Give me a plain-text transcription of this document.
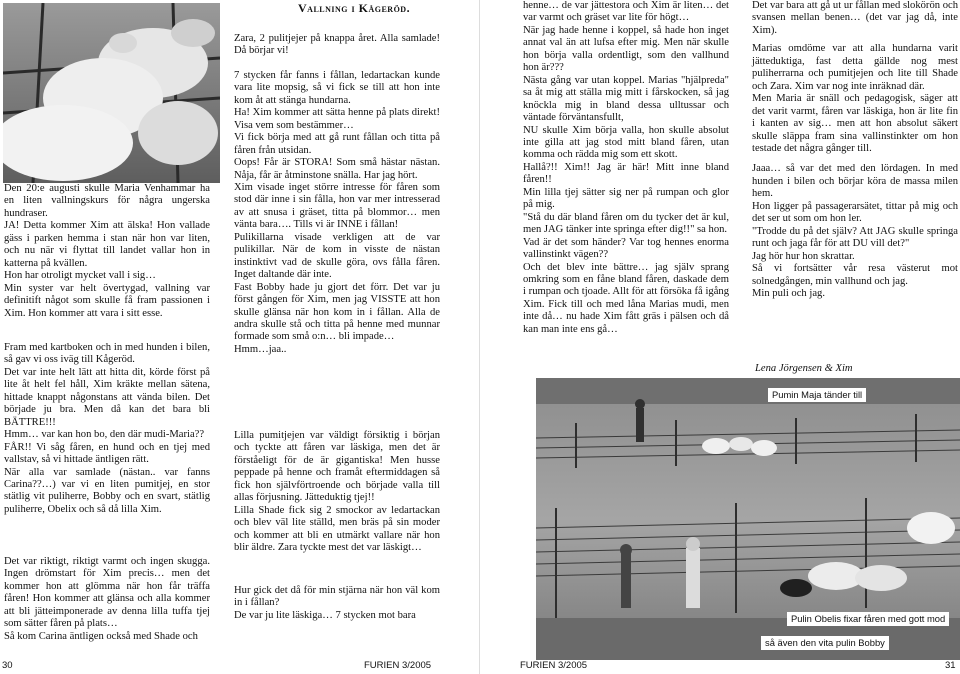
Den 20:e augusti skulle Maria Venhammar ha en liten vallningskurs för några ungerska hundraser.

JA! Detta kommer Xim att älska! Hon vallade gäss i parken hemma i stan när hon var liten, och nu när vi flyttat till landet vallar hon in katterna på kvällen.

Hon har otroligt mycket vall i sig…

Min syster var helt övertygad, vallning var definitift något som skulle få fram passionen i Xim. Hon kommer att vara i sitt esse.

Fram med kartboken och in med hunden i bilen, så gav vi oss iväg till Kågeröd.

Det var inte helt lätt att hitta dit, körde först på lite åt helt fel håll, Xim kräkte mellan sätena, hittade knappt någonstans att vända bilen. Det började ju bra. Men då kan det bara bli BÄTTRE!!!

Hmm… var kan hon bo, den där mudi-Maria??

FÅR!! Vi såg fåren, en hund och en tjej med vallstav, så vi hittade äntligen rätt.

När alla var samlade (nästan.. var fanns Carina??…) var vi en liten pumitjej, en stor stätlig vit puliherre, Bobby och en svart, stätlig puliherre, Obelix och så då lilla Xim.

Det var riktigt, riktigt varmt och ingen skugga. Ingen drömstart för Xim precis… men det kommer hon att glömma när hon får träffa fåren! Hon kommer att glänsa och alla kommer att bli jätteimponerade av denna lilla tuffa tjej som sätter fåren på plats…

Så kom Carina äntligen också med Shade och

Vallning i Kågeröd.

Zara, 2 pulitjejer på knappa året. Alla samlade! Då börjar vi!

7 stycken får fanns i fållan, ledartackan kunde vara lite mopsig, så vi fick se till att hon inte kom åt att stänga hundarna.

Ha! Xim kommer att sätta henne på plats direkt! Visa vem som bestämmer…

Vi fick börja med att gå runt fållan och titta på fåren från utsidan.

Oops! Får är STORA! Som små hästar nästan. Nåja, får är åtminstone snälla. Har jag hört.

Xim visade inget större intresse för fåren som stod där inne i sin fålla, hon var mer intresserad av att snusa i gräset, titta på blommor… men vänta bara…. Tills vi är INNE i fållan!

Pulikillarna visade verkligen att de var pulikillar. När de kom in visste de nästan instinktivt vad de skulle göra, ovs fålla fåren. Inget daltande där inte.

Fast Bobby hade ju gjort det förr. Det var ju först gången för Xim, men jag VISSTE att hon skulle glänsa när hon kom in i fållan. Alla de andra skulle stå och titta på henne med munnar formade som små o:n… bli impade…

Hmm…jaa..

Lilla pumitjejen var väldigt försiktig i början och tyckte att fåren var läskiga, men det är förståeligt för de är gigantiska! Men husse peppade på henne och framåt eftermiddagen så fick hon självförtroende och började valla till allas förjusning. Jätteduktig tjej!!

Lilla Shade fick sig 2 smockor av ledartackan och blev väl lite ställd, men bräs på sin moder och kommer att bli en utmärkt vallare när hon blir äldre. Zara tyckte mest det var läskigt…

Hur gick det då för min stjärna när hon väl kom in i fållan?

De var ju lite läskiga… 7 stycken mot bara

30	FURIEN 3/2005

henne… de var jättestora och Xim är liten… det var varmt och gräset var lite för högt…

När jag hade henne i koppel, så hade hon inget annat val än att lufsa efter mig. Men när skulle hon börja valla ordentligt, som den vallhund hon är???

Nästa gång var utan koppel. Marias "hjälpreda" sa åt mig att ställa mig mitt i fårskocken, så jag knöckla mig in bland dessa ulltussar och väntade förväntansfullt,

NU skulle Xim börja valla, hon skulle absolut inte gilla att jag stod mitt bland fåren, utan komma och rädda mig som ett skott.

Hallå?!! Xim!! Jag är här! Mitt inne bland fåren!!

Min lilla tjej sätter sig ner på rumpan och glor på mig.

"Stå du där bland fåren om du tycker det är kul, men JAG tänker inte springa efter dig!!" sa hon.

Vad är det som händer? Var tog hennes enorma vallinstinkt vägen??

Och det blev inte bättre… jag själv sprang omkring som en fåne bland fåren, daskade dem i rumpan och tjoade. Allt för att försöka få igång Xim. Fick till och med låna Marias mudi, men inte då… nu hade Xim fått gräs i pälsen och då kan man inte ens gå…

Det var bara att gå ut ur fållan med slokörön och svansen mellan benen… (det var jag då, inte Xim).

Marias omdöme var att alla hundarna varit jätteduktiga, fast detta gällde nog mest puliherrarna och pumitjejen och lite till Shade och Zara. Xim var nog inte inräknad där.

Men Maria är snäll och pedagogisk, säger att det varit varmt, fåren var läskiga, hon är lite fin i kanten av sig… men att hon absolut säkert skulle släppa fram sina vallinstinkter om hon testade det några gånger till.

Jaaa… så var det med den lördagen. In med hunden i bilen och börjar köra de massa milen hem.

Hon ligger på passagerarsätet, tittar på mig och det ser ut som om hon ler.

"Trodde du på det själv? Att JAG skulle springa runt och jaga får för att DU vill det?"

Jag hör hur hon skrattar.

Så vi fortsätter vår resa västerut mot solnedgången, min vallhund och jag.

Min puli och jag.

Lena Jörgensen & Xim
Pumin Maja tänder till
Pulin Obelis fixar fåren med gott mod
så även den vita pulin Bobby
FURIEN 3/2005	31
